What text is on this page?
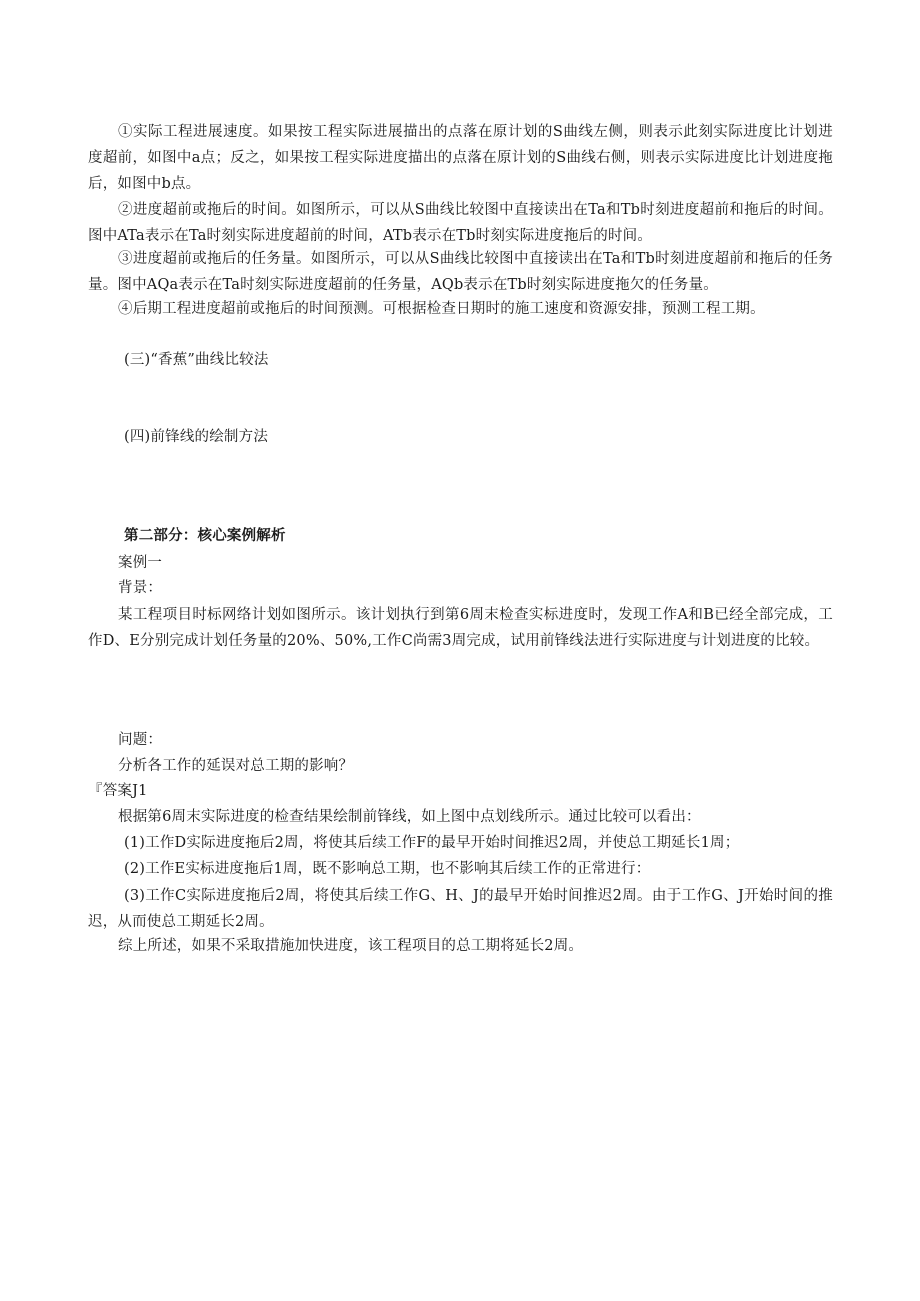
①实际工程进展速度。如果按工程实际进展描出的点落在原计划的S曲线左侧，则表示此刻实际进度比计划进度超前，如图中a点；反之，如果按工程实际进度描出的点落在原计划的S曲线右侧，则表示实际进度比计划进度拖后，如图中b点。

②进度超前或拖后的时间。如图所示，可以从S曲线比较图中直接读出在Ta和Tb时刻进度超前和拖后的时间。图中ATa表示在Ta时刻实际进度超前的时间，ATb表示在Tb时刻实际进度拖后的时间。

③进度超前或拖后的任务量。如图所示，可以从S曲线比较图中直接读出在Ta和Tb时刻进度超前和拖后的任务量。图中AQa表示在Ta时刻实际进度超前的任务量，AQb表示在Tb时刻实际进度拖欠的任务量。

④后期工程进度超前或拖后的时间预测。可根据检查日期时的施工速度和资源安排，预测工程工期。

(三)“香蕉”曲线比较法

(四)前锋线的绘制方法

第二部分：核心案例解析

案例一

背景：

某工程项目时标网络计划如图所示。该计划执行到第6周末检查实标进度时，发现工作A和B已经全部完成，工作D、E分别完成计划任务量的20%、50%,工作C尚需3周完成，试用前锋线法进行实际进度与计划进度的比较。

问题：

分析各工作的延误对总工期的影响？

『答案J1

根据第6周末实际进度的检查结果绘制前锋线，如上图中点划线所示。通过比较可以看出：

(1)工作D实际进度拖后2周，将使其后续工作F的最早开始时间推迟2周，并使总工期延长1周；

(2)工作E实标进度拖后1周，既不影响总工期，也不影响其后续工作的正常进行：

(3)工作C实际进度拖后2周，将使其后续工作G、H、J的最早开始时间推迟2周。由于工作G、J开始时间的推迟，从而使总工期延长2周。

综上所述，如果不采取措施加快进度，该工程项目的总工期将延长2周。
